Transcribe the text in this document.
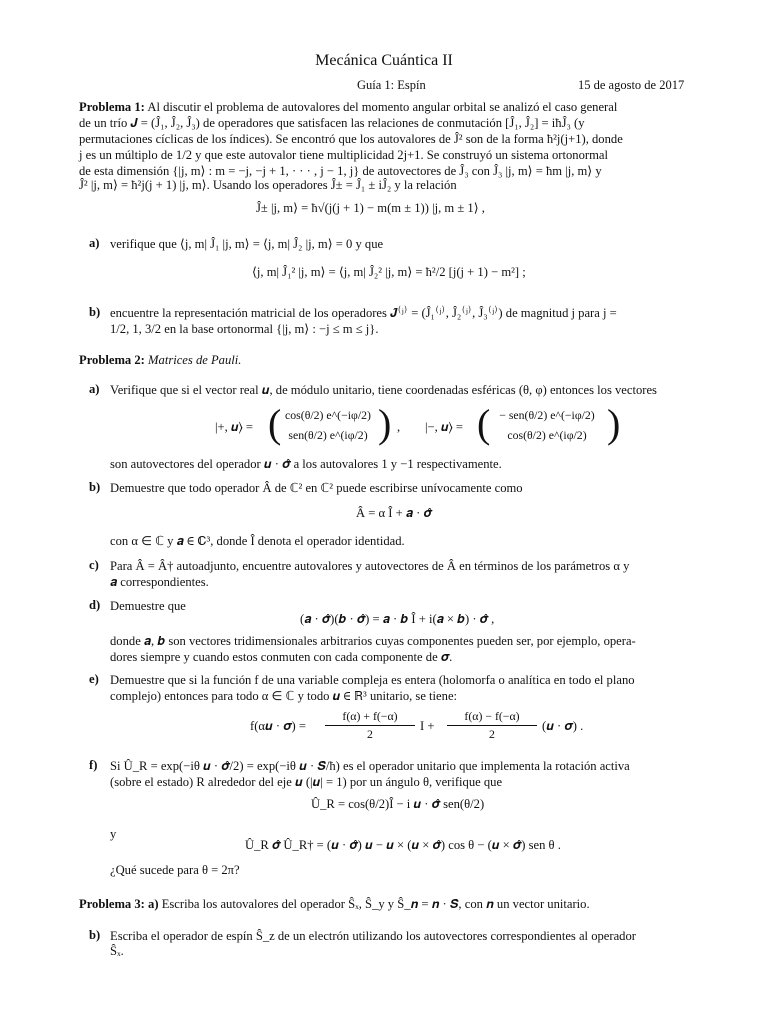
Mecánica Cuántica II
Guía 1: Espín	15 de agosto de 2017
Problema 1: Al discutir el problema de autovalores del momento angular orbital se analizó el caso general
de un trío 𝑱 = (Ĵ₁, Ĵ₂, Ĵ₃) de operadores que satisfacen las relaciones de conmutación [Ĵ₁, Ĵ₂] = iħĴ₃ (y
permutaciones cíclicas de los índices). Se encontró que los autovalores de Ĵ² son de la forma ħ²j(j+1), donde
j es un múltiplo de 1/2 y que este autovalor tiene multiplicidad 2j+1. Se construyó un sistema ortonormal
de esta dimensión {|j, m⟩ : m = −j, −j + 1, · · · , j − 1, j} de autovectores de Ĵ₃ con Ĵ₃ |j, m⟩ = ħm |j, m⟩ y
Ĵ² |j, m⟩ = ħ²j(j + 1) |j, m⟩. Usando los operadores Ĵ± = Ĵ₁ ± iĴ₂ y la relación
Ĵ± |j, m⟩ = ħ√(j(j + 1) − m(m ± 1)) |j, m ± 1⟩ ,
a) verifique que ⟨j, m| Ĵ₁ |j, m⟩ = ⟨j, m| Ĵ₂ |j, m⟩ = 0 y que
⟨j, m| Ĵ₁² |j, m⟩ = ⟨j, m| Ĵ₂² |j, m⟩ = ħ²/2 [j(j + 1) − m²] ;
b) encuentre la representación matricial de los operadores 𝑱̂⁽ʲ⁾ = (Ĵ₁⁽ʲ⁾, Ĵ₂⁽ʲ⁾, Ĵ₃⁽ʲ⁾) de magnitud j para j =
1/2, 1, 3/2 en la base ortonormal {|j, m⟩ : −j ≤ m ≤ j}.
Problema 2: Matrices de Pauli.
a) Verifique que si el vector real 𝒖, de módulo unitario, tiene coordenadas esféricas (θ, φ) entonces los vectores
|+, 𝒖⟩ = ( cos(θ/2) e^(−iφ/2)
sen(θ/2) e^(iφ/2) ) , |−, 𝒖⟩ = ( − sen(θ/2) e^(−iφ/2)
cos(θ/2) e^(iφ/2) )
son autovectores del operador 𝒖 · 𝝈̂ a los autovalores 1 y −1 respectivamente.
b) Demuestre que todo operador Â de ℂ² en ℂ² puede escribirse unívocamente como
Â = α Î + 𝒂 · 𝝈̂
con α ∈ ℂ y 𝒂 ∈ ℂ³, donde Î denota el operador identidad.
c) Para Â = Â† autoadjunto, encuentre autovalores y autovectores de Â en términos de los parámetros α y
𝒂 correspondientes.
d) Demuestre que
(𝒂 · 𝝈̂)(𝒃 · 𝝈̂) = 𝒂 · 𝒃 Î + i(𝒂 × 𝒃) · 𝝈̂ ,
donde 𝒂, 𝒃 son vectores tridimensionales arbitrarios cuyas componentes pueden ser, por ejemplo, opera-
dores siempre y cuando estos conmuten con cada componente de 𝝈.
e) Demuestre que si la función f de una variable compleja es entera (holomorfa o analítica en todo el plano
complejo) entonces para todo α ∈ ℂ y todo 𝒖 ∈ ℝ³ unitario, se tiene:
f(α𝒖 · 𝝈) =
f(α) + f(−α)
2
I +
f(α) − f(−α)
2
(𝒖 · 𝝈) .
f) Si Û_R = exp(−iθ 𝒖 · 𝝈̂/2) = exp(−iθ 𝒖 · 𝑺̂/ħ) es el operador unitario que implementa la rotación activa
(sobre el estado) R alrededor del eje 𝒖 (|𝒖| = 1) por un ángulo θ, verifique que
Û_R = cos(θ/2)Î − i 𝒖 · 𝝈̂ sen(θ/2)
y
Û_R 𝝈̂ Û_R† = (𝒖 · 𝝈̂) 𝒖 − 𝒖 × (𝒖 × 𝝈̂) cos θ − (𝒖 × 𝝈̂) sen θ .
¿Qué sucede para θ = 2π?
Problema 3: a) Escriba los autovalores del operador Ŝₓ, Ŝ_y y Ŝ_𝒏 = 𝒏 · 𝑺̂, con 𝒏 un vector unitario.
b) Escriba el operador de espín Ŝ_z de un electrón utilizando los autovectores correspondientes al operador
Ŝₓ.
